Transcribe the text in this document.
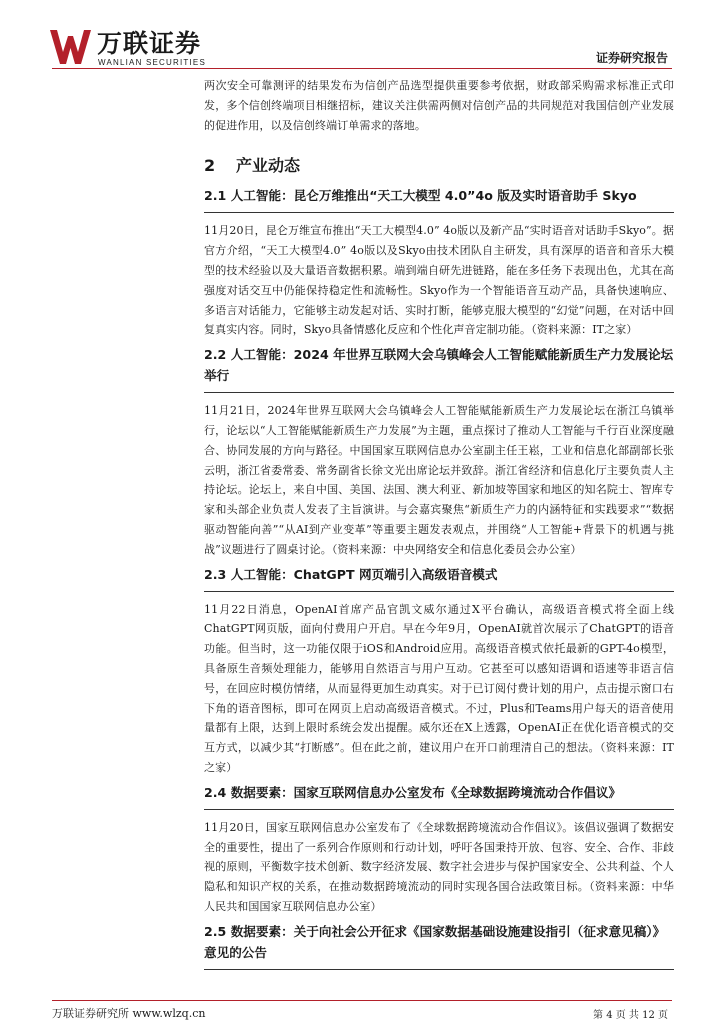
万联证券
WANLIAN SECURITIES	证券研究报告

两次安全可靠测评的结果发布为信创产品选型提供重要参考依据，财政部采购需求标准正式印发，多个信创终端项目相继招标，建议关注供需两侧对信创产品的共同规范对我国信创产业发展的促进作用，以及信创终端订单需求的落地。

2 产业动态
2.1 人工智能：昆仑万维推出“天工大模型 4.0”4o 版及实时语音助手 Skyo

11月20日，昆仑万维宣布推出“天工大模型4.0” 4o版以及新产品“实时语音对话助手Skyo”。据官方介绍，“天工大模型4.0” 4o版以及Skyo由技术团队自主研发，具有深厚的语音和音乐大模型的技术经验以及大量语音数据积累。端到端自研先进链路，能在多任务下表现出色，尤其在高强度对话交互中仍能保持稳定性和流畅性。Skyo作为一个智能语音互动产品，具备快速响应、多语言对话能力，它能够主动发起对话、实时打断，能够克服大模型的“幻觉”问题，在对话中回复真实内容。同时，Skyo具备情感化反应和个性化声音定制功能。（资料来源：IT之家）

2.2 人工智能：2024 年世界互联网大会乌镇峰会人工智能赋能新质生产力发展论坛举行

11月21日，2024年世界互联网大会乌镇峰会人工智能赋能新质生产力发展论坛在浙江乌镇举行，论坛以“人工智能赋能新质生产力发展”为主题，重点探讨了推动人工智能与千行百业深度融合、协同发展的方向与路径。中国国家互联网信息办公室副主任王崧，工业和信息化部副部长张云明，浙江省委常委、常务副省长徐文光出席论坛并致辞。浙江省经济和信息化厅主要负责人主持论坛。论坛上，来自中国、美国、法国、澳大利亚、新加坡等国家和地区的知名院士、智库专家和头部企业负责人发表了主旨演讲。与会嘉宾聚焦“新质生产力的内涵特征和实践要求”“数据驱动智能向善”“从AI到产业变革”等重要主题发表观点，并围绕“人工智能+背景下的机遇与挑战”议题进行了圆桌讨论。（资料来源：中央网络安全和信息化委员会办公室）

2.3 人工智能：ChatGPT 网页端引入高级语音模式

11月22日消息，OpenAI首席产品官凯文威尔通过X平台确认，高级语音模式将全面上线ChatGPT网页版，面向付费用户开启。早在今年9月，OpenAI就首次展示了ChatGPT的语音功能。但当时，这一功能仅限于iOS和Android应用。高级语音模式依托最新的GPT-4o模型，具备原生音频处理能力，能够用自然语言与用户互动。它甚至可以感知语调和语速等非语言信号，在回应时模仿情绪，从而显得更加生动真实。对于已订阅付费计划的用户，点击提示窗口右下角的语音图标，即可在网页上启动高级语音模式。不过，Plus和Teams用户每天的语音使用量都有上限，达到上限时系统会发出提醒。威尔还在X上透露，OpenAI正在优化语音模式的交互方式，以减少其“打断感”。但在此之前，建议用户在开口前理清自己的想法。（资料来源：IT之家）

2.4 数据要素：国家互联网信息办公室发布《全球数据跨境流动合作倡议》

11月20日，国家互联网信息办公室发布了《全球数据跨境流动合作倡议》。该倡议强调了数据安全的重要性，提出了一系列合作原则和行动计划，呼吁各国秉持开放、包容、安全、合作、非歧视的原则，平衡数字技术创新、数字经济发展、数字社会进步与保护国家安全、公共利益、个人隐私和知识产权的关系，在推动数据跨境流动的同时实现各国合法政策目标。（资料来源：中华人民共和国国家互联网信息办公室）

2.5 数据要素：关于向社会公开征求《国家数据基础设施建设指引（征求意见稿）》意见的公告
万联证券研究所 www.wlzq.cn	第 4 页 共 12 页
